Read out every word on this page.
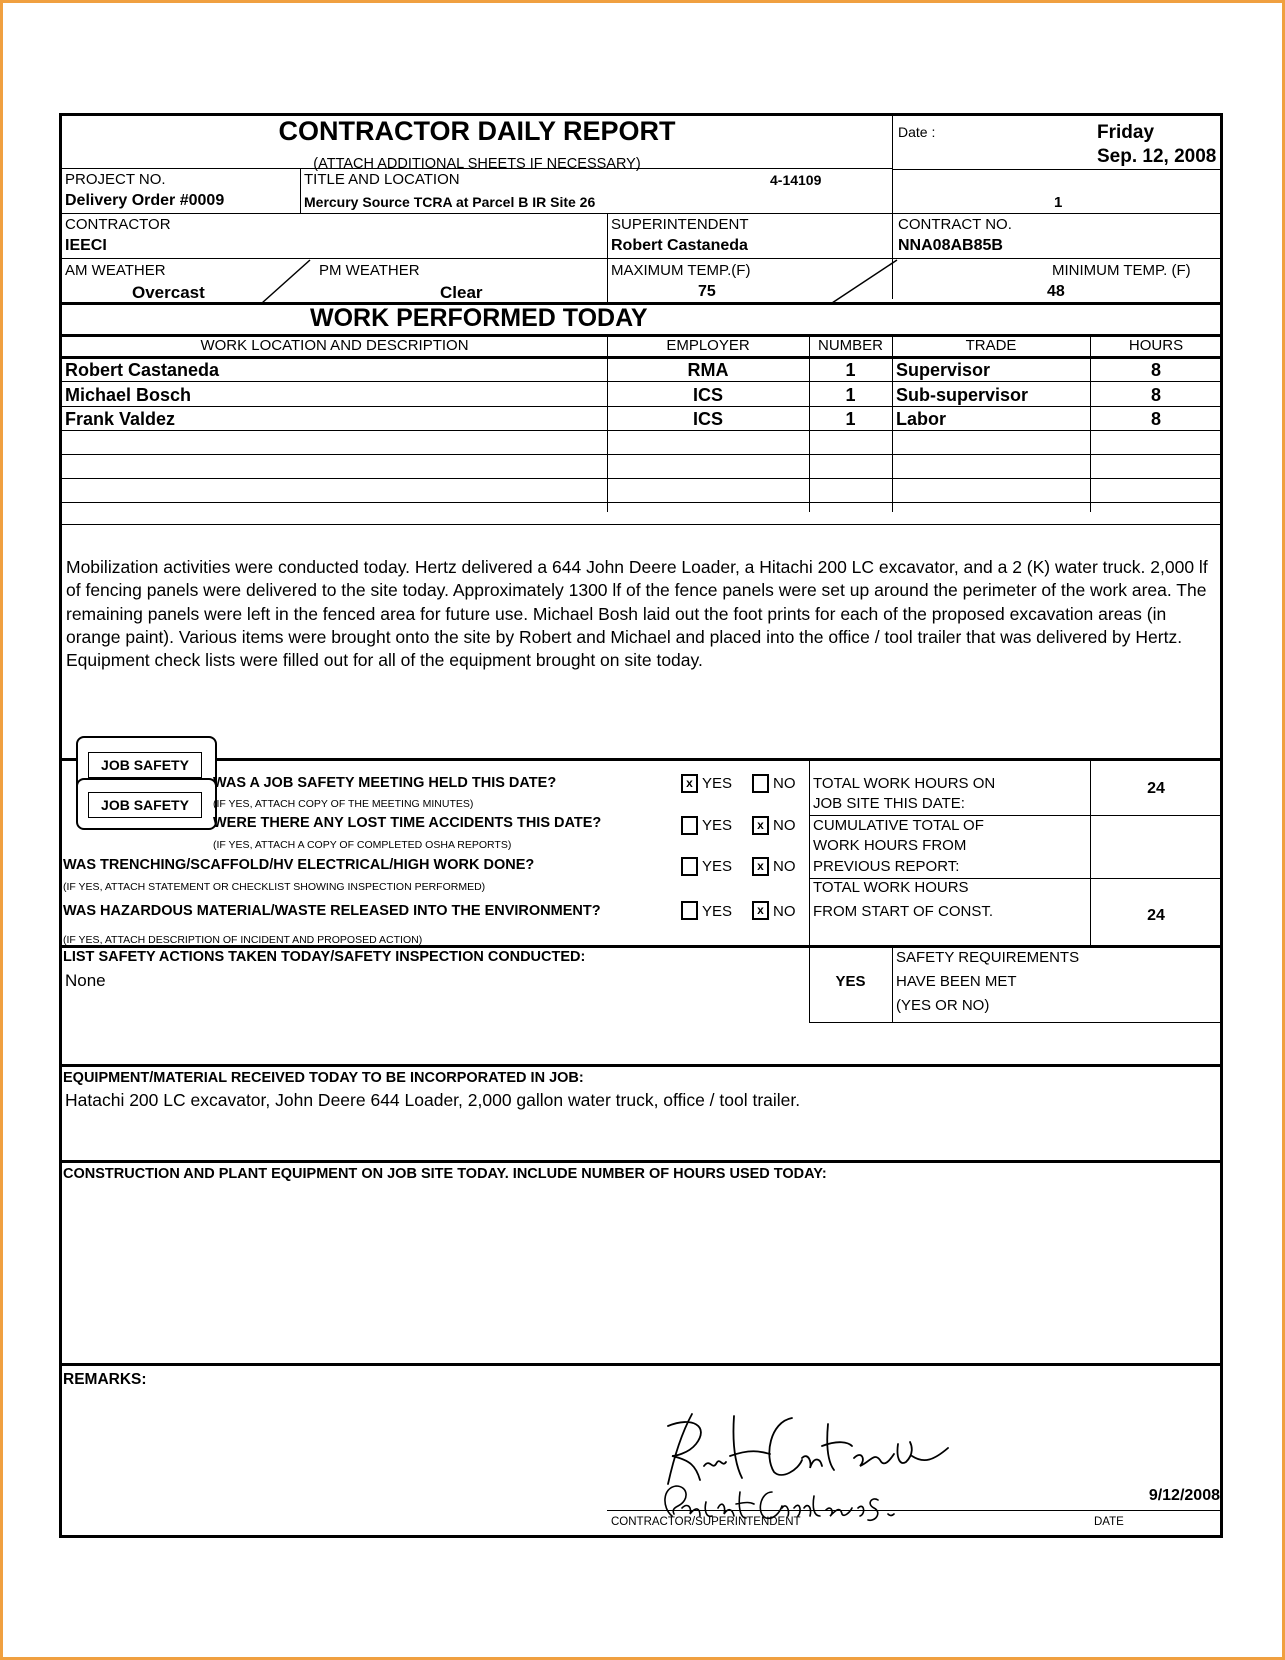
CONTRACTOR DAILY REPORT
(ATTACH ADDITIONAL SHEETS IF NECESSARY)
Date :	Friday
Sep. 12, 2008
PROJECT NO.
Delivery Order #0009
TITLE AND LOCATION
Mercury Source TCRA at Parcel B IR Site 26
4-14109
1
CONTRACTOR
IEECI
SUPERINTENDENT
Robert Castaneda
CONTRACT NO.
NNA08AB85B
AM WEATHER
Overcast
PM WEATHER
Clear
MAXIMUM TEMP.(F)
75
MINIMUM TEMP. (F)
48
WORK PERFORMED TODAY
WORK LOCATION AND DESCRIPTION	EMPLOYER	NUMBER	TRADE	HOURS
Robert Castaneda	RMA	1	Supervisor	8
Michael Bosch	ICS	1	Sub-supervisor	8
Frank Valdez	ICS	1	Labor	8
Mobilization activities were conducted today. Hertz delivered a 644 John Deere Loader, a Hitachi 200 LC excavator, and a 2 (K) water truck. 2,000 lf of fencing panels were delivered to the site today. Approximately 1300 lf of the fence panels were set up around the perimeter of the work area. The remaining panels were left in the fenced area for future use. Michael Bosh laid out the foot prints for each of the proposed excavation areas (in orange paint). Various items were brought onto the site by Robert and Michael and placed into the office / tool trailer that was delivered by Hertz. Equipment check lists were filled out for all of the equipment brought on site today.
JOB SAFETY
JOB SAFETY
WAS A JOB SAFETY MEETING HELD THIS DATE?
(IF YES, ATTACH COPY OF THE MEETING MINUTES)
x YES	NO
WERE THERE ANY LOST TIME ACCIDENTS THIS DATE?
(IF YES, ATTACH A COPY OF COMPLETED OSHA REPORTS)
YES	x NO
WAS TRENCHING/SCAFFOLD/HV ELECTRICAL/HIGH WORK DONE?
(IF YES, ATTACH STATEMENT OR CHECKLIST SHOWING INSPECTION PERFORMED)
YES	x NO
WAS HAZARDOUS MATERIAL/WASTE RELEASED INTO THE ENVIRONMENT?
(IF YES, ATTACH DESCRIPTION OF INCIDENT AND PROPOSED ACTION)
YES	x NO
TOTAL WORK HOURS ON
JOB SITE THIS DATE:
24
CUMULATIVE TOTAL OF
WORK HOURS FROM
PREVIOUS REPORT:
TOTAL WORK HOURS
FROM START OF CONST.	24
LIST SAFETY ACTIONS TAKEN TODAY/SAFETY INSPECTION CONDUCTED:
None	YES
SAFETY REQUIREMENTS
HAVE BEEN MET
(YES OR NO)
EQUIPMENT/MATERIAL RECEIVED TODAY TO BE INCORPORATED IN JOB:
Hatachi 200 LC excavator, John Deere 644 Loader, 2,000 gallon water truck, office / tool trailer.
CONSTRUCTION AND PLANT EQUIPMENT ON JOB SITE TODAY. INCLUDE NUMBER OF HOURS USED TODAY:
REMARKS:
9/12/2008
CONTRACTOR/SUPERINTENDENT	DATE
